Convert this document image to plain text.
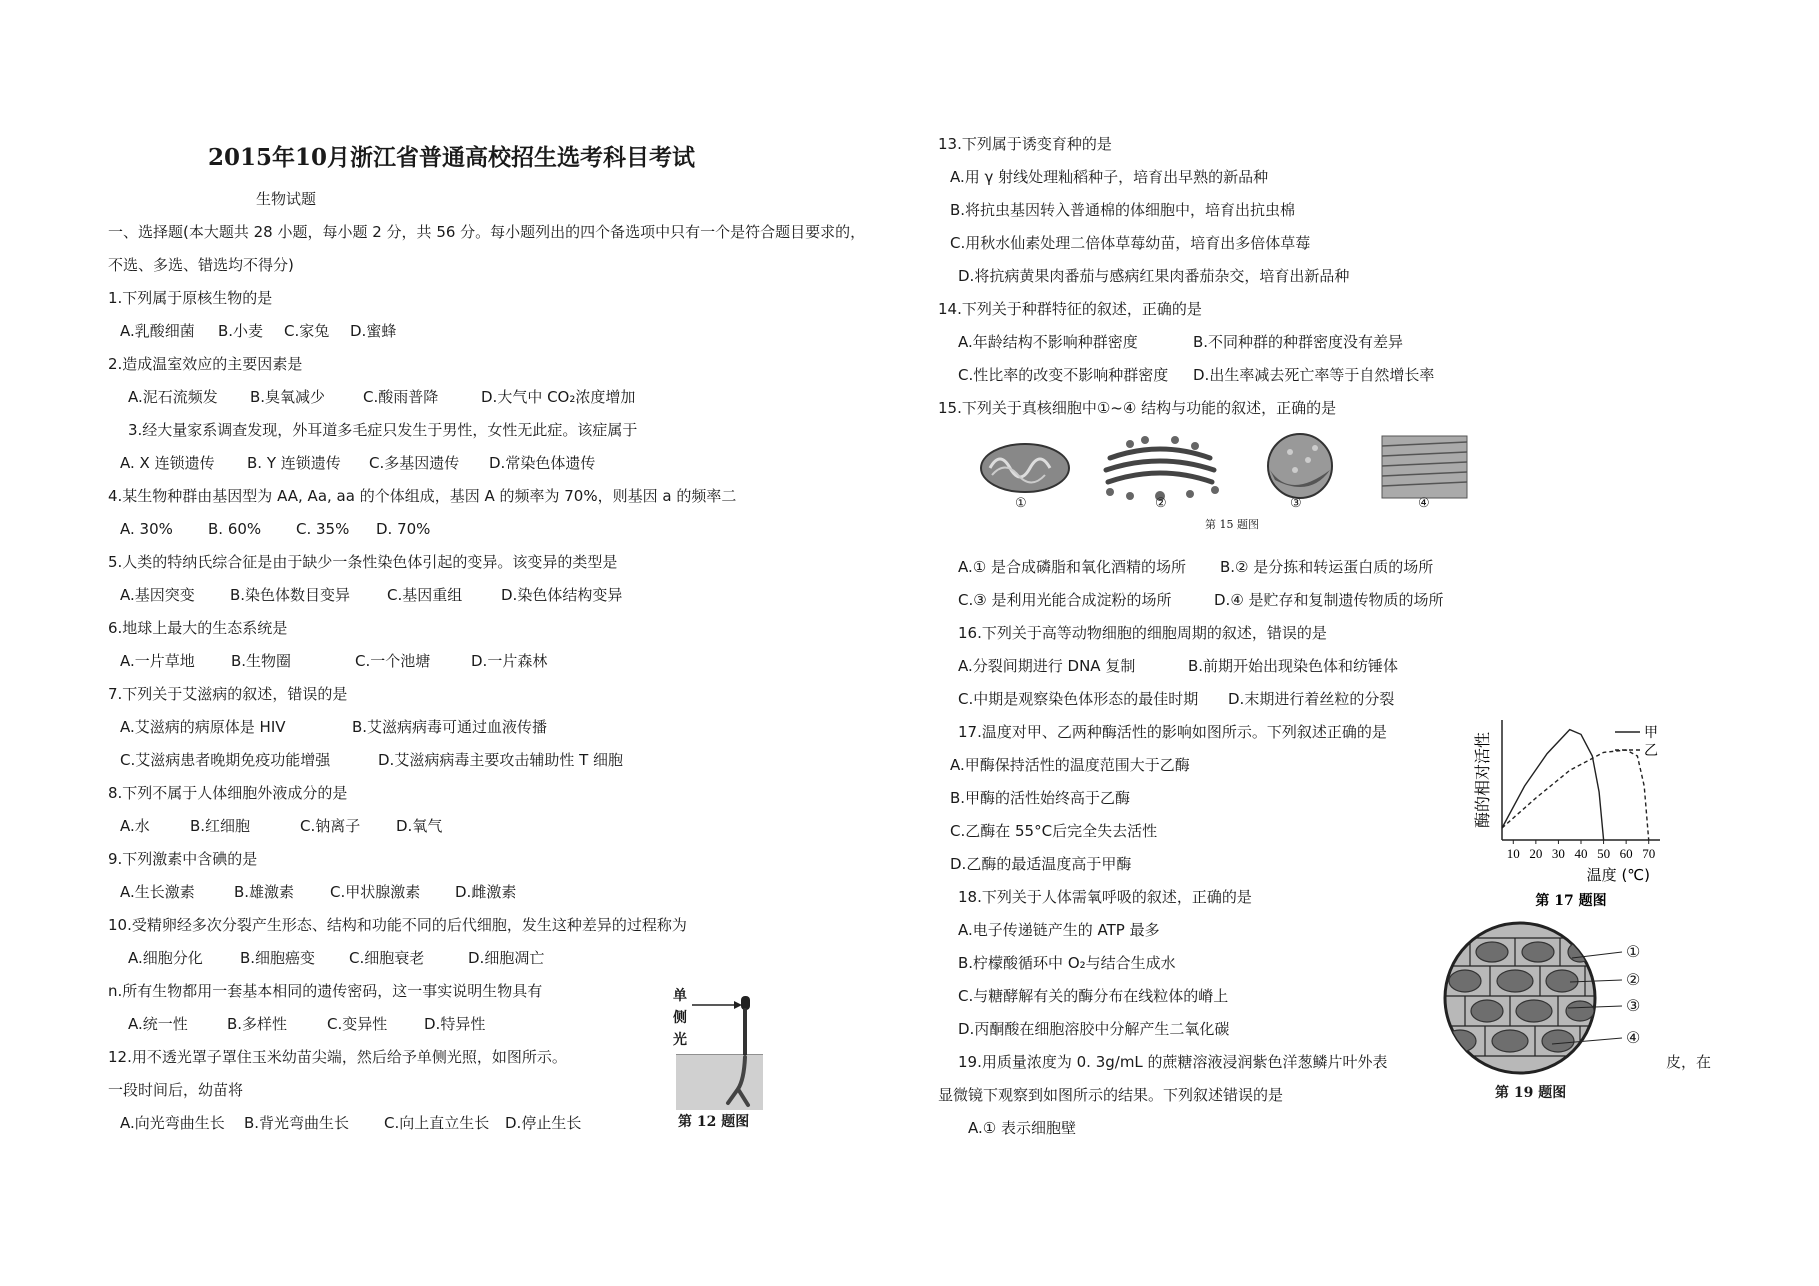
2015年10月浙江省普通高校招生选考科目考试
生物试题
一、选择题(本大题共 28 小题，每小题 2 分，共 56 分。每小题列出的四个备选项中只有一个是符合题目要求的，
不选、多选、错选均不得分)
1.下列属于原核生物的是
A.乳酸细菌 B.小麦 C.家兔 D.蜜蜂
2.造成温室效应的主要因素是
A.泥石流频发 B.臭氧减少	C.酸雨普降	D.大气中 CO₂浓度增加
3.经大量家系调查发现，外耳道多毛症只发生于男性，女性无此症。该症属于
A. X 连锁遗传 B. Y 连锁遗传 C.多基因遗传 D.常染色体遗传
4.某生物种群由基因型为 AA, Aa, aa 的个体组成，基因 A 的频率为 70%，则基因 a 的频率二
A. 30% B. 60% C. 35% D. 70%
5.人类的特纳氏综合征是由于缺少一条性染色体引起的变异。该变异的类型是
A.基因突变 B.染色体数目变异 C.基因重组	D.染色体结构变异
6.地球上最大的生态系统是
A.一片草地 B.生物圈	C.一个池塘	D.一片森林
7.下列关于艾滋病的叙述，错误的是
A.艾滋病的病原体是 HIV	B.艾滋病病毒可通过血液传播
C.艾滋病患者晚期免疫功能增强	D.艾滋病病毒主要攻击辅助性 T 细胞
8.下列不属于人体细胞外液成分的是
A.水	B.红细胞	C.钠离子 D.氧气
9.下列激素中含碘的是
A.生长激素	B.雄激素 C.甲状腺激素 D.雌激素
10.受精卵经多次分裂产生形态、结构和功能不同的后代细胞，发生这种差异的过程称为
A.细胞分化 B.细胞癌变 C.细胞衰老	D.细胞凋亡
n.所有生物都用一套基本相同的遗传密码，这一事实说明生物具有
A.统一性	B.多样性	C.变异性 D.特异性
12.用不透光罩子罩住玉米幼苗尖端，然后给予单侧光照，如图所示。
一段时间后，幼苗将
A.向光弯曲生长 B.背光弯曲生长 C.向上直立生长 D.停止生长
单
侧
光
第 12 题图
13.下列属于诱变育种的是
A.用 γ 射线处理籼稻种子，培育出早熟的新品种
B.将抗虫基因转入普通棉的体细胞中，培育出抗虫棉
C.用秋水仙素处理二倍体草莓幼苗，培育出多倍体草莓
D.将抗病黄果肉番茄与感病红果肉番茄杂交，培育出新品种
14.下列关于种群特征的叙述，正确的是
A.年龄结构不影响种群密度	B.不同种群的种群密度没有差异
C.性比率的改变不影响种群密度 D.出生率减去死亡率等于自然增长率
15.下列关于真核细胞中①~④ 结构与功能的叙述，正确的是
A.① 是合成磷脂和氧化酒精的场所 B.② 是分拣和转运蛋白质的场所
C.③ 是利用光能合成淀粉的场所	D.④ 是贮存和复制遗传物质的场所
16.下列关于高等动物细胞的细胞周期的叙述，错误的是
A.分裂间期进行 DNA 复制	B.前期开始出现染色体和纺锤体
C.中期是观察染色体形态的最佳时期 D.末期进行着丝粒的分裂
17.温度对甲、乙两种酶活性的影响如图所示。下列叙述正确的是
A.甲酶保持活性的温度范围大于乙酶
B.甲酶的活性始终高于乙酶
C.乙酶在 55°C后完全失去活性
D.乙酶的最适温度高于甲酶
18.下列关于人体需氧呼吸的叙述，正确的是
A.电子传递链产生的 ATP 最多
B.柠檬酸循环中 O₂与结合生成水
C.与糖酵解有关的酶分布在线粒体的嵴上
D.丙酮酸在细胞溶胶中分解产生二氧化碳
19.用质量浓度为 0. 3g/mL 的蔗糖溶液浸润紫色洋葱鳞片叶外表	皮，在
显微镜下观察到如图所示的结果。下列叙述错误的是
A.① 表示细胞壁
①	②	③	④
第 15 题图
10 20 30 40 50 60 70
酶的相对活性
温度 (℃)
甲
乙
第 17 题图
①
②
③
④
第 19 题图
